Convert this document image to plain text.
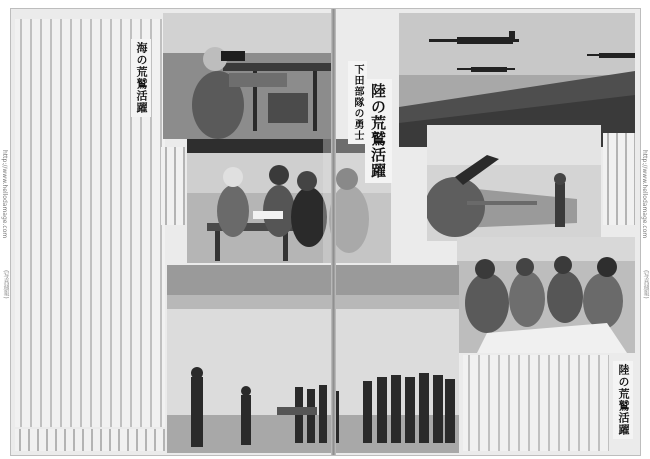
海の荒鷲活躍
陸の荒鷲活躍
下田部隊の勇士
陸の荒鷲活躍
http://www.hellodamage.com
(写真週報)
http://www.hellodamage.com
(写真週報)
